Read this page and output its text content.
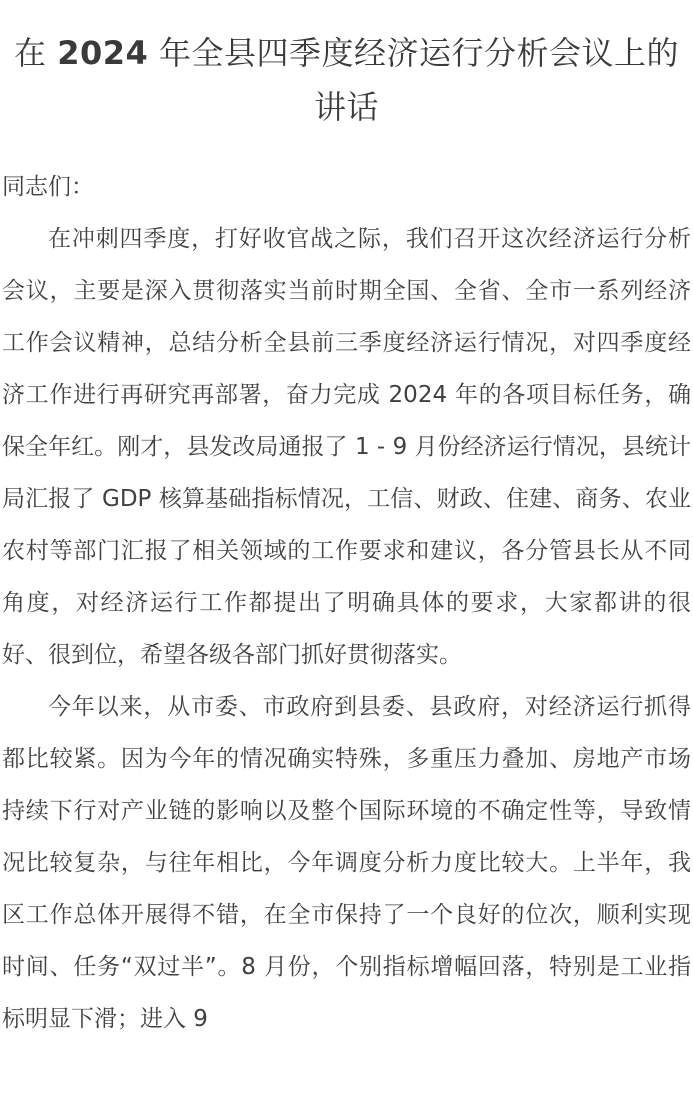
在 2024 年全县四季度经济运行分析会议上的讲话

同志们：

在冲刺四季度，打好收官战之际，我们召开这次经济运行分析会议，主要是深入贯彻落实当前时期全国、全省、全市一系列经济工作会议精神，总结分析全县前三季度经济运行情况，对四季度经济工作进行再研究再部署，奋力完成 2024 年的各项目标任务，确保全年红。刚才，县发改局通报了 1 - 9 月份经济运行情况，县统计局汇报了 GDP 核算基础指标情况，工信、财政、住建、商务、农业农村等部门汇报了相关领域的工作要求和建议，各分管县长从不同角度，对经济运行工作都提出了明确具体的要求，大家都讲的很好、很到位，希望各级各部门抓好贯彻落实。

今年以来，从市委、市政府到县委、县政府，对经济运行抓得都比较紧。因为今年的情况确实特殊，多重压力叠加、房地产市场持续下行对产业链的影响以及整个国际环境的不确定性等，导致情况比较复杂，与往年相比，今年调度分析力度比较大。上半年，我区工作总体开展得不错，在全市保持了一个良好的位次，顺利实现时间、任务“双过半”。8 月份，个别指标增幅回落，特别是工业指标明显下滑；进入 9
